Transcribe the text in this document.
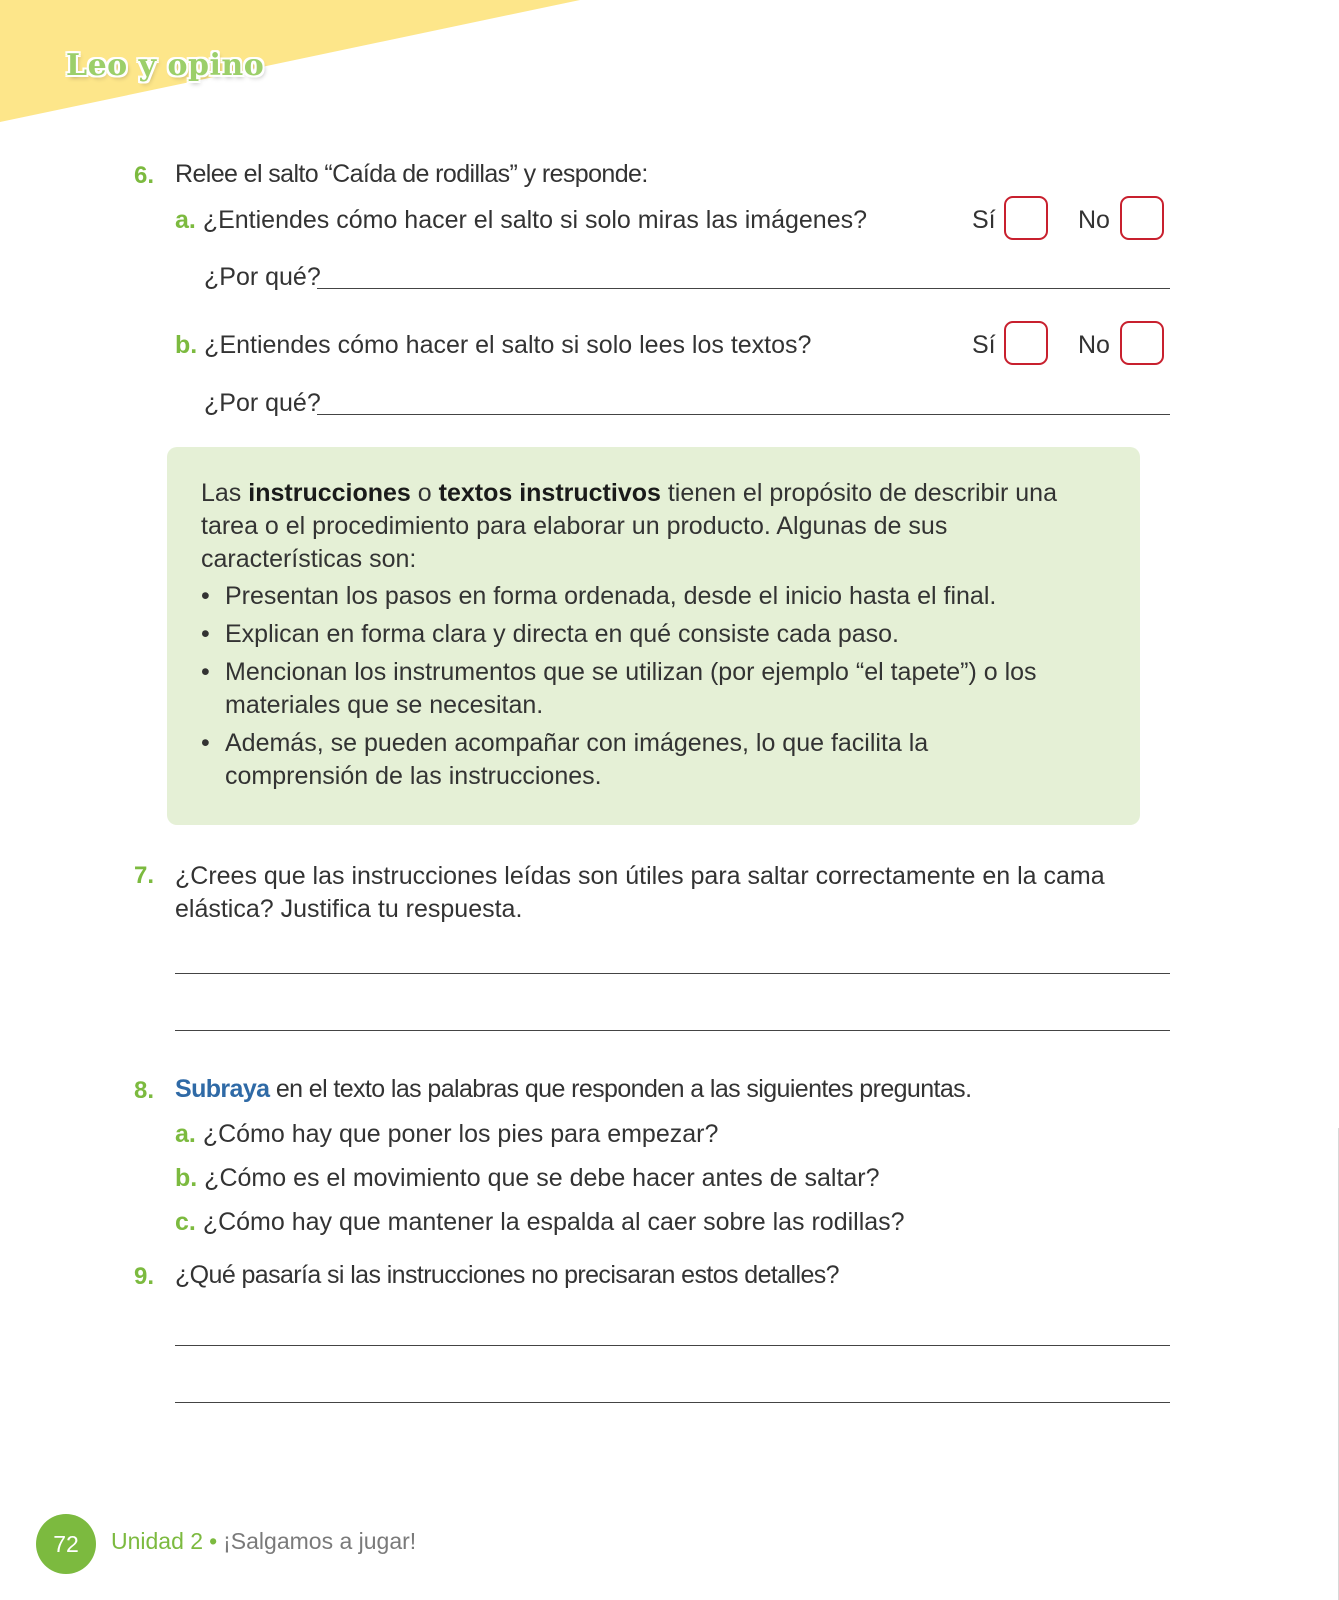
Leo y opino
6. Relee el salto “Caída de rodillas” y responde:
a. ¿Entiendes cómo hacer el salto si solo miras las imágenes?	Sí	No
¿Por qué?
b. ¿Entiendes cómo hacer el salto si solo lees los textos?	Sí	No
¿Por qué?
Las instrucciones o textos instructivos tienen el propósito de describir una tarea o el procedimiento para elaborar un producto. Algunas de sus características son:
• Presentan los pasos en forma ordenada, desde el inicio hasta el final.
• Explican en forma clara y directa en qué consiste cada paso.
• Mencionan los instrumentos que se utilizan (por ejemplo “el tapete”) o los materiales que se necesitan.
• Además, se pueden acompañar con imágenes, lo que facilita la comprensión de las instrucciones.
7. ¿Crees que las instrucciones leídas son útiles para saltar correctamente en la cama
elástica? Justifica tu respuesta.
8. Subraya en el texto las palabras que responden a las siguientes preguntas.
a. ¿Cómo hay que poner los pies para empezar?
b. ¿Cómo es el movimiento que se debe hacer antes de saltar?
c. ¿Cómo hay que mantener la espalda al caer sobre las rodillas?
9. ¿Qué pasaría si las instrucciones no precisaran estos detalles?
72	Unidad 2 • ¡Salgamos a jugar!
